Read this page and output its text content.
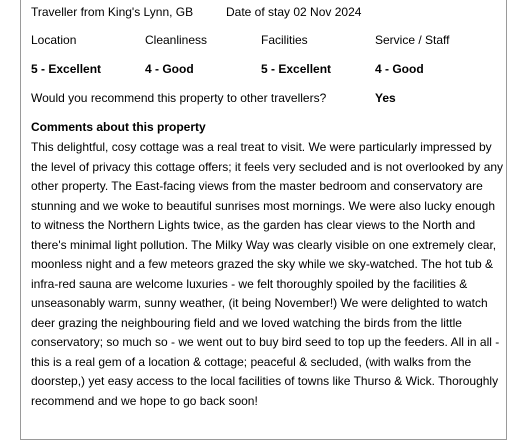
Traveller from King's Lynn, GB	Date of stay 02 Nov 2024
Location	Cleanliness	Facilities	Service / Staff
5 - Excellent	4 - Good	5 - Excellent	4 - Good
Would you recommend this property to other travellers?	Yes
Comments about this property
This delightful, cosy cottage was a real treat to visit. We were particularly impressed by the level of privacy this cottage offers; it feels very secluded and is not overlooked by any other property. The East-facing views from the master bedroom and conservatory are stunning and we woke to beautiful sunrises most mornings. We were also lucky enough to witness the Northern Lights twice, as the garden has clear views to the North and there's minimal light pollution. The Milky Way was clearly visible on one extremely clear, moonless night and a few meteors grazed the sky while we sky-watched. The hot tub & infra-red sauna are welcome luxuries - we felt thoroughly spoiled by the facilities & unseasonably warm, sunny weather, (it being November!) We were delighted to watch deer grazing the neighbouring field and we loved watching the birds from the little conservatory; so much so - we went out to buy bird seed to top up the feeders. All in all - this is a real gem of a location & cottage; peaceful & secluded, (with walks from the doorstep,) yet easy access to the local facilities of towns like Thurso & Wick. Thoroughly recommend and we hope to go back soon!
